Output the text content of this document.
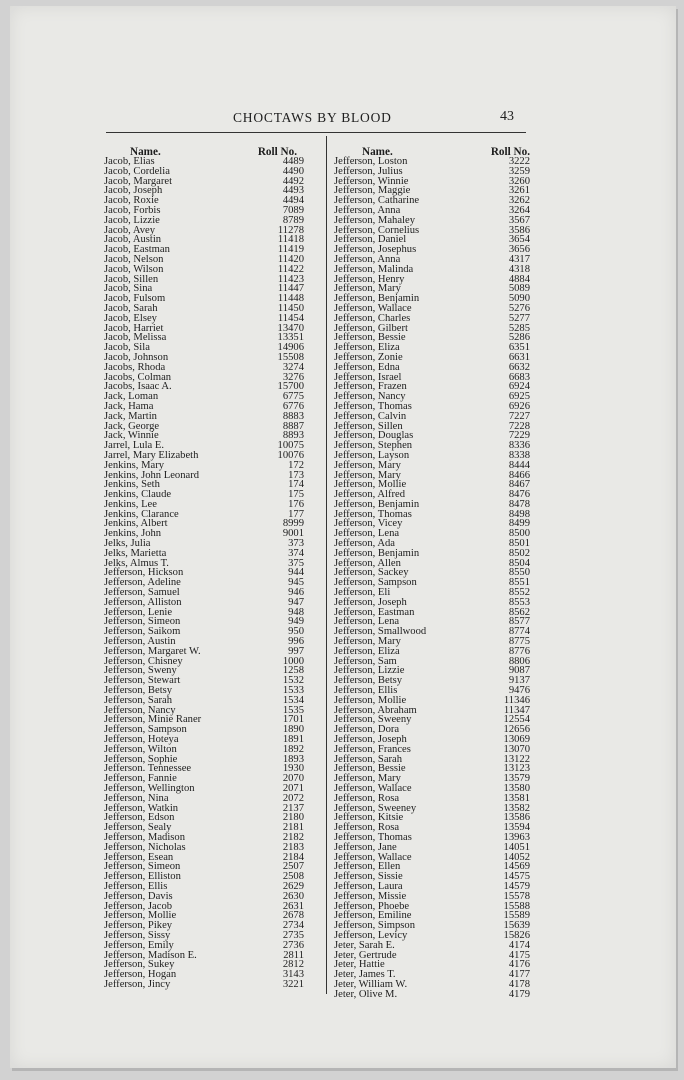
CHOCTAWS BY BLOOD	43
Name.	Roll No.
Jacob, Elias	4489
Jacob, Cordelia	4490
Jacob, Margaret	4492
Jacob, Joseph	4493
Jacob, Roxie	4494
Jacob, Forbis	7089
Jacob, Lizzie	8789
Jacob, Avey	11278
Jacob, Austin	11418
Jacob, Eastman	11419
Jacob, Nelson	11420
Jacob, Wilson	11422
Jacob, Sillen	11423
Jacob, Sina	11447
Jacob, Fulsom	11448
Jacob, Sarah	11450
Jacob, Elsey	11454
Jacob, Harriet	13470
Jacob, Melissa	13351
Jacob, Sila	14906
Jacob, Johnson	15508
Jacobs, Rhoda	3274
Jacobs, Colman	3276
Jacobs, Isaac A.	15700
Jack, Loman	6775
Jack, Hama	6776
Jack, Martin	8883
Jack, George	8887
Jack, Winnie	8893
Jarrel, Lula E.	10075
Jarrel, Mary Elizabeth	10076
Jenkins, Mary	172
Jenkins, John Leonard	173
Jenkins, Seth	174
Jenkins, Claude	175
Jenkins, Lee	176
Jenkins, Clarance	177
Jenkins, Albert	8999
Jenkins, John	9001
Jelks, Julia	373
Jelks, Marietta	374
Jelks, Almus T.	375
Jefferson, Hickson	944
Jefferson, Adeline	945
Jefferson, Samuel	946
Jefferson, Alliston	947
Jefferson, Lenie	948
Jefferson, Simeon	949
Jefferson, Saikom	950
Jefferson, Austin	996
Jefferson, Margaret W.	997
Jefferson, Chisney	1000
Jefferson, Sweny	1258
Jefferson, Stewart	1532
Jefferson, Betsy	1533
Jefferson, Sarah	1534
Jefferson, Nancy	1535
Jefferson, Minie Raner	1701
Jefferson, Sampson	1890
Jefferson, Hoteya	1891
Jefferson, Wilton	1892
Jefferson, Sophie	1893
Jefferson. Tennessee	1930
Jefferson, Fannie	2070
Jefferson, Wellington	2071
Jefferson, Nina	2072
Jefferson, Watkin	2137
Jefferson, Edson	2180
Jefferson, Sealy	2181
Jefferson, Madison	2182
Jefferson, Nicholas	2183
Jefferson, Esean	2184
Jefferson, Simeon	2507
Jefferson, Elliston	2508
Jefferson, Ellis	2629
Jefferson, Davis	2630
Jefferson, Jacob	2631
Jefferson, Mollie	2678
Jefferson, Pikey	2734
Jefferson, Sissy	2735
Jefferson, Emily	2736
Jefferson, Madison E.	2811
Jefferson, Sukey	2812
Jefferson, Hogan	3143
Jefferson, Jincy	3221
Name.	Roll No.
Jefferson, Loston	3222
Jefferson, Julius	3259
Jefferson, Winnie	3260
Jefferson, Maggie	3261
Jefferson, Catharine	3262
Jefferson, Anna	3264
Jefferson, Mahaley	3567
Jefferson, Cornelius	3586
Jefferson, Daniel	3654
Jefferson, Josephus	3656
Jefferson, Anna	4317
Jefferson, Malinda	4318
Jefferson, Henry	4884
Jefferson, Mary	5089
Jefferson, Benjamin	5090
Jefferson, Wallace	5276
Jefferson, Charles	5277
Jefferson, Gilbert	5285
Jefferson, Bessie	5286
Jefferson, Eliza	6351
Jefferson, Zonie	6631
Jefferson, Edna	6632
Jefferson, Israel	6683
Jefferson, Frazen	6924
Jefferson, Nancy	6925
Jefferson, Thomas	6926
Jefferson, Calvin	7227
Jefferson, Sillen	7228
Jefferson, Douglas	7229
Jefferson, Stephen	8336
Jefferson, Layson	8338
Jefferson, Mary	8444
Jefferson, Mary	8466
Jefferson, Mollie	8467
Jefferson, Alfred	8476
Jefferson, Benjamin	8478
Jefferson, Thomas	8498
Jefferson, Vicey	8499
Jefferson, Lena	8500
Jefferson, Ada	8501
Jefferson, Benjamin	8502
Jefferson, Allen	8504
Jefferson, Sackey	8550
Jefferson, Sampson	8551
Jefferson, Eli	8552
Jefferson, Joseph	8553
Jefferson, Eastman	8562
Jefferson, Lena	8577
Jefferson, Smallwood	8774
Jefferson, Mary	8775
Jefferson, Eliza	8776
Jefferson, Sam	8806
Jefferson, Lizzie	9087
Jefferson, Betsy	9137
Jefferson, Ellis	9476
Jefferson, Mollie	11346
Jefferson, Abraham	11347
Jefferson, Sweeny	12554
Jefferson, Dora	12656
Jefferson, Joseph	13069
Jefferson, Frances	13070
Jefferson, Sarah	13122
Jefferson, Bessie	13123
Jefferson, Mary	13579
Jefferson, Wallace	13580
Jefferson, Rosa	13581
Jefferson, Sweeney	13582
Jefferson, Kitsie	13586
Jefferson, Rosa	13594
Jefferson, Thomas	13963
Jefferson, Jane	14051
Jefferson, Wallace	14052
Jefferson, Ellen	14569
Jefferson, Sissie	14575
Jefferson, Laura	14579
Jefferson, Missie	15578
Jefferson, Phoebe	15588
Jefferson, Emiline	15589
Jefferson, Simpson	15639
Jefferson, Levicy	15826
Jeter, Sarah E.	4174
Jeter, Gertrude	4175
Jeter, Hattie	4176
Jeter, James T.	4177
Jeter, William W.	4178
Jeter, Olive M.	4179
